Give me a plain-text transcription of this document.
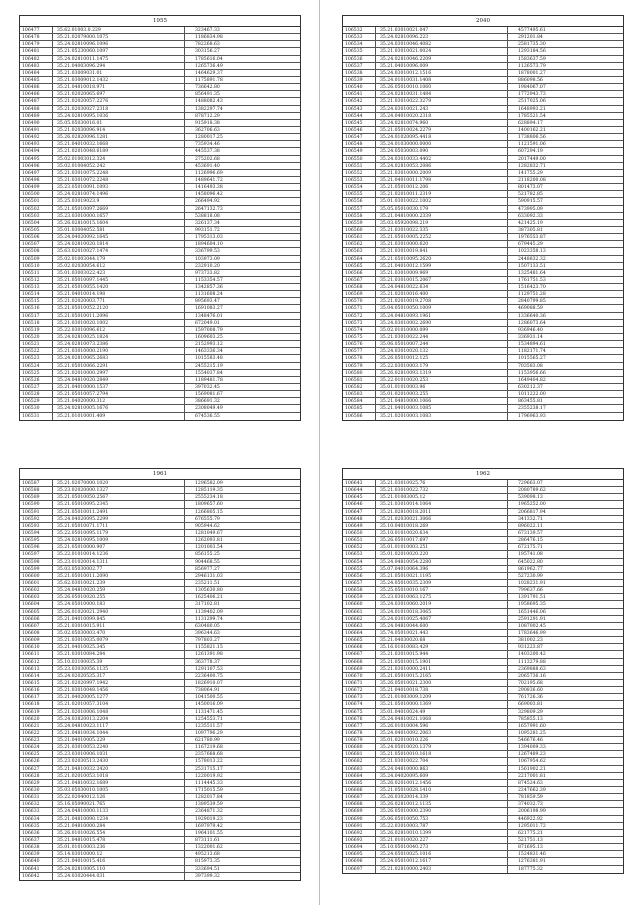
1955
106477	35.62.01003.0.229	323467.33
106478	35.21.02079000.1075	1186834.98
106479	35.24.02810096.1096	782268.63
106481	35.21.05230060.1097	303156.27
106482	35.24.02810011.1475	1785616.04
106483	35.21.04003096.294	1265736.49
106484	35.21.03009031.01	1464629.37
106485	35.21.03009012.1432	1175891.78
106486	35.21.04810018.971	736642.80
106486	35.21.02020065.697	856491.35
106487	35.21.02020057.2276	1488082.43
106488	35.21.02030027.2318	1382297.74
106489	35.24.02810095.1036	878712.29
106490	35.05.05030016.01	915918.38
106491	35.21.02030096.914	362706.63
106492	35.26.02820096.1281	1280017.25
106493	35.21.04010032.1668	735934.46
106494	35.21.02010048.6189	445537.38
106495	35.02.01003012.324	275202.68
106496	35.02.01004052.242	453691.40
106497	35.21.03010075.2248	1126996.69
106498	35.21.03010072.2248	1489641.72
106499	35.23.05010091.1093	1416493.38
106500	35.24.02810074.1496	1458096.42
106501	35.25.03019023.9	266494.92
106502	35.21.05010097.2669	2647132.73
106503	35.23.03010000.1657	538818.08
106504	35.26.02810015.1604	326137.34
106505	35.01.03004052.581	993151.72
106506	35.24.04020092.1645	1795313.03
106507	35.24.02810020.1814	1894604.10
106508	35.63.02010027.1474	336799.53
106509	35.02.01003044.179	103973.09
106510	35.02.02030054.612	232910.20
106511	35.01.03003022.423	973733.82
106512	35.21.05010097.1445	1153354.57
106513	35.21.05010055.1420	1342857.36
106514	35.21.04010014.198	1131608.24
106515	35.21.02020003.771	895693.47
106516	35.21.05010052.2120	1691083.27
106517	35.21.05010011.2096	1348476.01
106518	35.21.03010020.1002	672049.01
106519	35.22.03010096.612	1597008.79
106520	35.24.02810025.1824	1609603.25
106521	35.24.02810073.2386	2152993.12
106522	35.21.03010000.2190	1463336.34
106523	35.24.02810065.2683	1015583.48
106524	35.21.05010066.2291	2455215.19
106525	35.21.02010000.2997	1554037.84
106526	35.24.04810020.2849	1189481.78
106527	35.21.04010000.1537	397032.45
106528	35.21.05010057.2794	1569081.67
106529	35.21.04020000.312	386691.32
106530	35.24.02810005.1676	2308049.49
106531	35.21.01010001.409	674536.55
2040
106532	35.21.03010021.047	4577495.61
106533	35.24.02810096.223	291201.84
106534	35.24.03010046.4082	2581735.30
106535	35.21.03010021.0024	1293184.56
106536	35.24.02810046.2209	1583637.59
106537	35.21.04010096.009	1126573.79
106538	35.24.03010012.1516	1878001.27
106539	35.24.01010031.1408	886098.56
106540	35.26.05010010.1060	1984067.07
106541	35.24.02810031.1484	1772943.73
106542	35.21.03010022.3279	2517025.06
106543	35.24.03010021.243	1648993.21
106544	35.24.04010020.2318	1785521.54
106545	35.24.02810074.960	628894.17
106546	35.21.05010024.2279	1400162.21
106547	35.24.01020095.4418	1738806.56
106548	35.24.01030000.0000	1121591.06
106549	35.24.05030003.090	607294.19
106550	35.24.03010033.4402	2017449.00
106551	35.24.02810053.2086	1282832.71
106552	35.21.03010000.2009	141755.29
106553	35.21.04010011.1798	2118200.08
106554	35.21.05010012.206	801473.07
106555	35.21.02010011.2319	521782.85
106556	35.01.03010022.1002	590915.57
106557	35.05.05010030.179	473995.09
106558	35.21.04810000.2339	633092.33
106559	35.03.05920098.219	421425.19
106560	35.21.03010022.335	387305.81
106561	35.21.05010005.2252	1976553.87
106562	35.21.03010000.620	679445.29
106563	35.21.03010019.841	1023358.13
106564	35.21.05010095.2620	2448832.32
106565	35.21.04010012.1599	1507133.51
106566	35.21.03010009.969	1325481.64
106567	35.21.03010015.2067	1761751.53
106568	35.24.04810022.634	1516423.70
106569	35.21.02010016.400	1129751.28
106570	35.21.02010019.2708	2840799.85
106571	35.04.05010050.1009	469088.59
106572	35.24.04810093.1961	1336640.36
106573	35.24.03010002.2690	1286073.64
106574	35.02.01010000.099	936946.40
106575	35.21.03010022.244	336931.14
106576	35.06.05010007.244	1534894.61
106577	35.24.03010020.132	1182171.74
106578	35.26.05010012.125	1015565.27
106579	35.22.03010003.179	703583.08
106580	35.26.02810093.1319	1153956.66
106581	35.22.01010020.253	1649404.82
106582	35.01.01010003.96	630212.37
106583	35.01.02010003.255	1011222.00
106584	35.21.04810000.1066	863455.81
106585	35.21.04010003.1085	2355238.17
106586	35.21.02010003.1083	1796963.93
1961
106587	35.21.02070000.1020	1296582.09
106588	35.23.02020000.1327	1285119.35
106589	35.21.05010050.2567	2555234.18
106590	35.21.05010095.2345	1809657.60
106591	35.21.05010011.2491	1266805.15
106592	35.24.04020095.2299	676555.79
106593	35.21.05010071.1711	905944.62
106594	35.22.05010095.1179	1281049.67
106595	35.24.02810095.1009	1262093.81
106596	35.21.05010000.907	1201003.54
106597	35.22.01010014.1236	856155.25
106598	35.23.01020014.1311	904468.55
106599	35.03.05030002.77	856977.27
106600	35.21.05010011.2090	2946131.03
106601	35.62.03010021.239	235211.51
106602	35.24.04810020.259	1305630.80
106603	35.26.05010020.255	1625406.21
106604	35.24.05010000.183	317102.81
106605	35.26.01020021.2940	1139402.09
106606	35.21.04010099.845	1131299.74
106607	35.21.03010015.911	630480.05
106608	35.02.05030003.470	396344.63
106609	35.21.03010035.0079	797803.27
106610	35.21.04010025.345	1155821.15
106611	35.21.03010084.284	1261391.98
106612	35.10.03100035.39	363778.37
106613	35.23.03030056.1135	1291107.53
106614	35.24.02020535.317	2236400.75
106615	35.21.02020997.1942	1826910.07
106616	35.21.03010048.1456	738064.91
106617	35.21.04020005.1277	1041500.55
106618	35.21.02010057.3104	1450016.09
106619	35.21.02010006.1048	1131471.45
106620	35.24.03820013.2204	1254553.71
106621	35.24.04810023.1117	1235511.57
106622	35.21.04810034.1044	1097796.29
106623	35.21.04010005.229	621780.99
106624	35.21.03010053.2240	1167219.68
106625	35.23.03010006.1031	2357668.68
106626	35.23.02030513.2430	1578013.22
106627	35.21.04810032.2420	2531715.17
106628	35.21.02010053.1018	1220019.92
106629	35.21.04810032.1689	1114445.33
106630	35.03.05030010.1005	1715015.59
106631	35.22.02040012.126	1282017.84
106632	35.16.05090021.765	1389539.59
106633	35.24.04810000.1133	2364871.32
106634	35.21.04810090.1234	1929019.23
106635	35.21.04810000.284	1697979.42
106636	35.26.01010026.554	1964101.55
106637	35.21.04810015.478	873111.61
106638	35.01.01010003.236	1322001.62
106639	35.14.03010000.12	495213.68
106640	35.21.04010015.416	815973.35
106641	35.24.02810005.110	333694.51
106642	35.24.03020444.031	397399.32
1962
106643	35.21.03010025.76	729663.07
106644	35.21.03010022.732	2080789.62
106645	35.21.01003005.12	539098.13
106646	35.21.03010014.1064	1965252.00
106647	35.21.02810018.2011	2066817.94
106648	35.21.02030021.3066	341332.71
106649	35.10.04010018.269	896022.11
106650	35.10.01010020.634	673139.57
106651	35.26.05010017.697	286476.15
106652	35.01.01010003.251	672175.71
106653	35.01.02010020.220	195741.08
106654	35.24.04810054.2280	645022.80
106655	35.07.04010064.396	861962.77
106656	35.21.05010021.1195	527230.99
106657	35.24.05010035.2309	1028231.91
106658	35.25.05010010.167	799637.66
106659	35.23.03010063.1275	1391791.51
106660	35.24.03010060.2019	1958695.35
106661	35.24.01010018.3065	1651446.06
106662	35.24.03010025.4067	2591291.91
106663	35.24.04810044.600	1087002.45
106664	35.74.05010021.443	1783646.99
106665	35.21.04030020.68	381002.23
106666	35.16.01010083.429	931223.87
106667	35.21.03010015.944	1403200.42
106668	35.21.05010015.1901	1113279.88
106669	35.21.03010000.2411	2369888.63
106670	35.21.05010015.2165	2065736.16
106671	35.26.05010021.2300	702195.68
106672	35.21.04010018.738	290836.60
106673	35.21.01003009.1209	761726.36
106674	35.21.05010000.1369	669003.81
106675	35.01.04010024.49	329809.29
106676	35.24.04810021.1068	785855.13
106677	35.26.01010004.596	1657991.60
106678	35.24.04010092.2063	1095281.25
106679	35.01.02010010.226	546676.46
106680	35.24.05010020.1379	1394009.33
106681	35.21.05010010.1618	1267489.23
106682	35.21.03010022.704	1067954.62
106683	35.24.04810000.863	1561902.21
106684	35.24.04020095.609	2217001.81
106685	35.26.02010012.1456	874524.63
106686	35.21.05010028.1410	2247662.39
106687	35.26.03020014.339	781859.59
106688	35.26.02810012.1135	374032.73
106689	35.26.05010000.2390	2006198.99
106690	35.06.05010050.753	446922.92
106691	35.22.03010003.787	1295011.72
106692	35.26.02810010.1399	621775.21
106693	35.21.01010020.227	521751.13
106694	35.10.05010040.273	871695.13
106695	35.24.05010025.1016	1524831.46
106696	35.24.05010012.1617	1276381.91
106697	35.21.02810000.2403	187775.32
